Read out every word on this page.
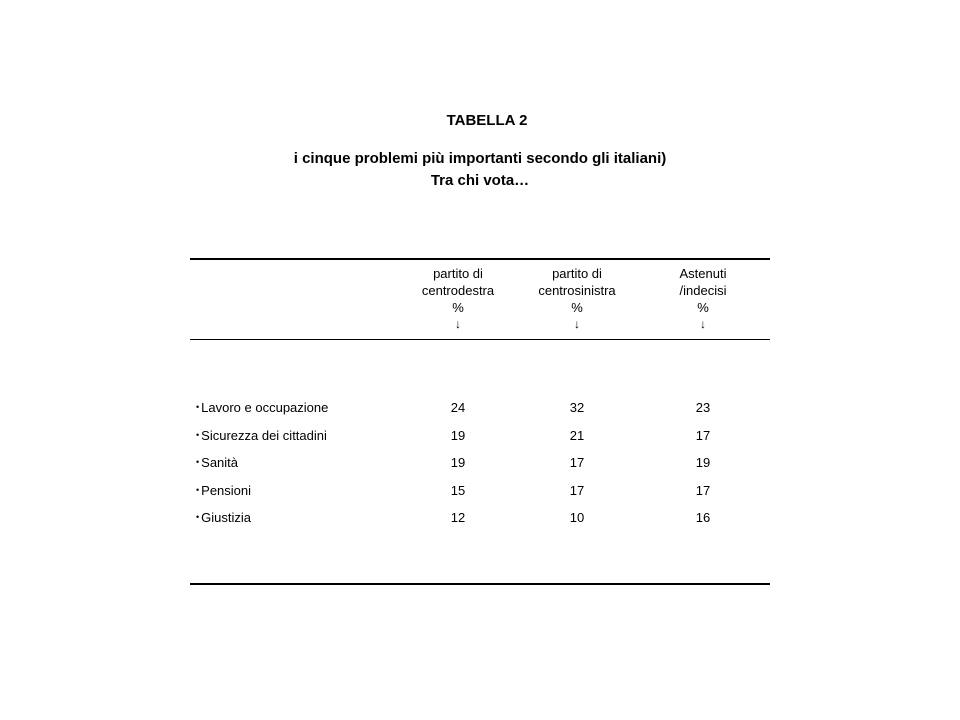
TABELLA 2
i cinque problemi più importanti secondo gli italiani)
Tra chi vota…
partito di
centrodestra
%
↓
partito di
centrosinistra
%
↓
Astenuti
/indecisi
%
↓
• Lavoro e occupazione	24	32	23
• Sicurezza dei cittadini	19	21	17
• Sanità	19	17	19
• Pensioni	15	17	17
• Giustizia	12	10	16
